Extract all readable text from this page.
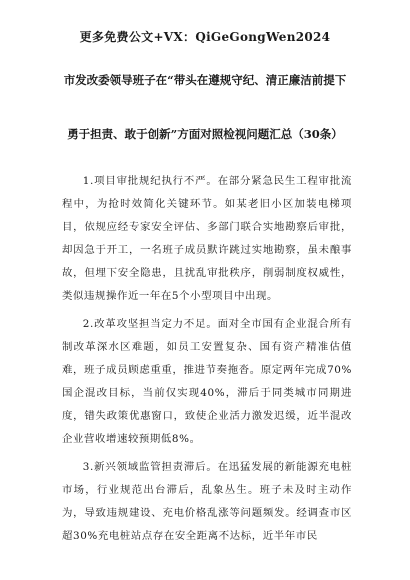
更多免费公文+VX：QiGeGongWen2024
市发改委领导班子在“带头在遵规守纪、清正廉洁前提下
勇于担责、敢于创新”方面对照检视问题汇总（30条）

1.项目审批规纪执行不严。在部分紧急民生工程审批流程中，为抢时效简化关键环节。如某老旧小区加装电梯项目，依规应经专家安全评估、多部门联合实地勘察后审批，却因急于开工，一名班子成员默许跳过实地勘察，虽未酿事故，但埋下安全隐患，且扰乱审批秩序，削弱制度权威性，类似违规操作近一年在5个小型项目中出现。

2.改革攻坚担当定力不足。面对全市国有企业混合所有制改革深水区难题，如员工安置复杂、国有资产精准估值难，班子成员顾虑重重，推进节奏拖沓。原定两年完成70%国企混改目标，当前仅实现40%，滞后于同类城市同期进度，错失政策优惠窗口，致使企业活力激发迟缓，近半混改企业营收增速较预期低8%。

3.新兴领域监管担责滞后。在迅猛发展的新能源充电桩市场，行业规范出台滞后，乱象丛生。班子未及时主动作为，导致违规建设、充电价格乱涨等问题频发。经调查市区超30%充电桩站点存在安全距离不达标，近半年市民
